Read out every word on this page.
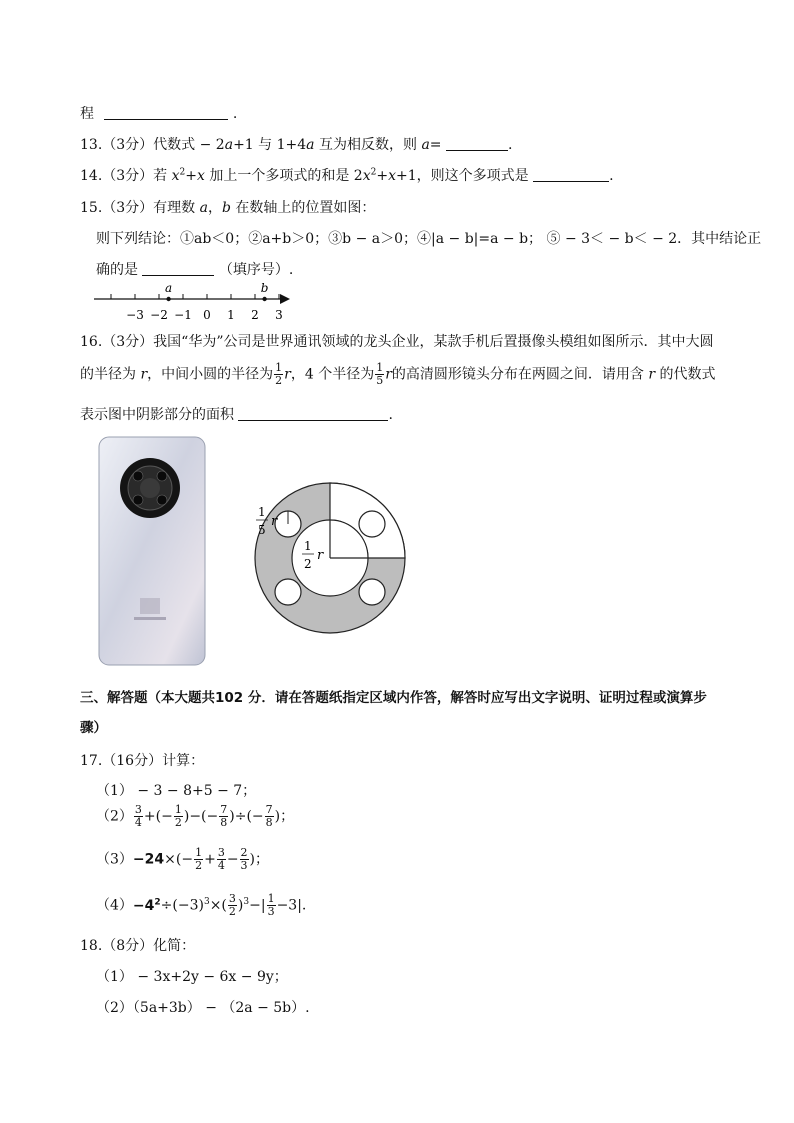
程	.
13.（3分）代数式 − 2a+1 与 1+4a 互为相反数，则 a=	.
14.（3分）若 $x^2+x$ 加上一个多项式的和是 $2x^2+x+1$，则这个多项式是	.
15.（3分）有理数 a，b 在数轴上的位置如图：
则下列结论：①ab＜0；②a+b＞0；③b − a＞0；④|a − b|=a − b； ⑤ − 3＜ − b＜ − 2．其中结论正
确的是	（填序号）.
−3 −2 −1 0 1 2 3
a	b
16.（3分）我国“华为”公司是世界通讯领域的龙头企业，某款手机后置摄像头模组如图所示．其中大圆
的半径为 r，中间小圆的半径为 $\frac{1}{2}$ r，4 个半径为 $\frac{1}{5}$ r的高清圆形镜头分布在两圆之间．请用含 r 的代数式
表示图中阴影部分的面积	.
1
5
r
1
2
r
三、解答题（本大题共102 分．请在答题纸指定区域内作答，解答时应写出文字说明、证明过程或演算步
骤）
17.（16分）计算：
（1） − 3 − 8+5 − 7；
$(2) \frac{3}{4}$ +(− $\frac{1}{2}$ )−(− $\frac{7}{8}$ )÷(− $\frac{7}{8}$ )；
$(3)-24\times(- \frac{1}{2} + \frac{3}{4} - \frac{2}{3}$ )；
$(4)-4^2\div(-3)^3\times( \frac{3}{2} )^3-| \frac{1}{3} -3|$.
18.（8分）化简：
（1） − 3x+2y − 6x − 9y；
（2）（5a+3b） − （2a − 5b）.
